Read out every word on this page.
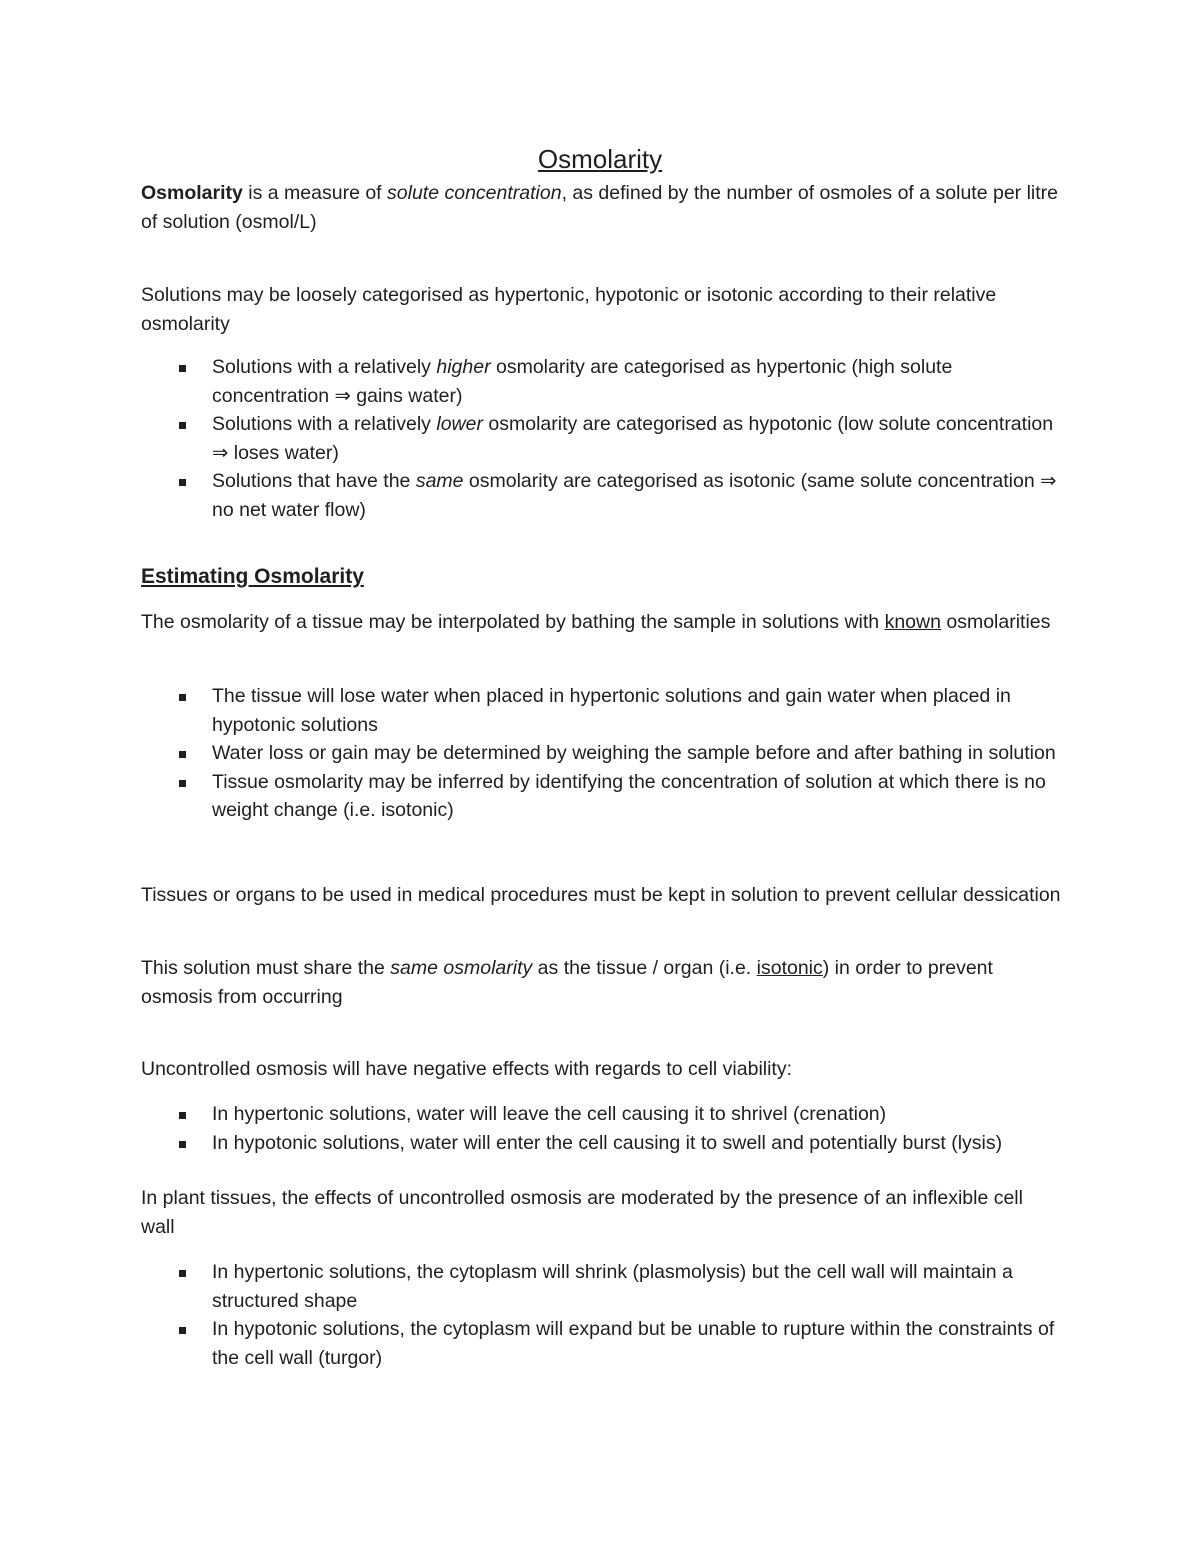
Osmolarity

Osmolarity is a measure of solute concentration, as defined by the number of osmoles of a solute per litre of solution (osmol/L)

Solutions may be loosely categorised as hypertonic, hypotonic or isotonic according to their relative osmolarity

Solutions with a relatively higher osmolarity are categorised as hypertonic (high solute concentration ⇒ gains water)
Solutions with a relatively lower osmolarity are categorised as hypotonic (low solute concentration ⇒ loses water)
Solutions that have the same osmolarity are categorised as isotonic (same solute concentration ⇒ no net water flow)
Estimating Osmolarity

The osmolarity of a tissue may be interpolated by bathing the sample in solutions with known osmolarities

The tissue will lose water when placed in hypertonic solutions and gain water when placed in hypotonic solutions
Water loss or gain may be determined by weighing the sample before and after bathing in solution
Tissue osmolarity may be inferred by identifying the concentration of solution at which there is no weight change (i.e. isotonic)

Tissues or organs to be used in medical procedures must be kept in solution to prevent cellular dessication

This solution must share the same osmolarity as the tissue / organ (i.e. isotonic) in order to prevent osmosis from occurring

Uncontrolled osmosis will have negative effects with regards to cell viability:

In hypertonic solutions, water will leave the cell causing it to shrivel (crenation)
In hypotonic solutions, water will enter the cell causing it to swell and potentially burst (lysis)

In plant tissues, the effects of uncontrolled osmosis are moderated by the presence of an inflexible cell wall

In hypertonic solutions, the cytoplasm will shrink (plasmolysis) but the cell wall will maintain a structured shape
In hypotonic solutions, the cytoplasm will expand but be unable to rupture within the constraints of the cell wall (turgor)
